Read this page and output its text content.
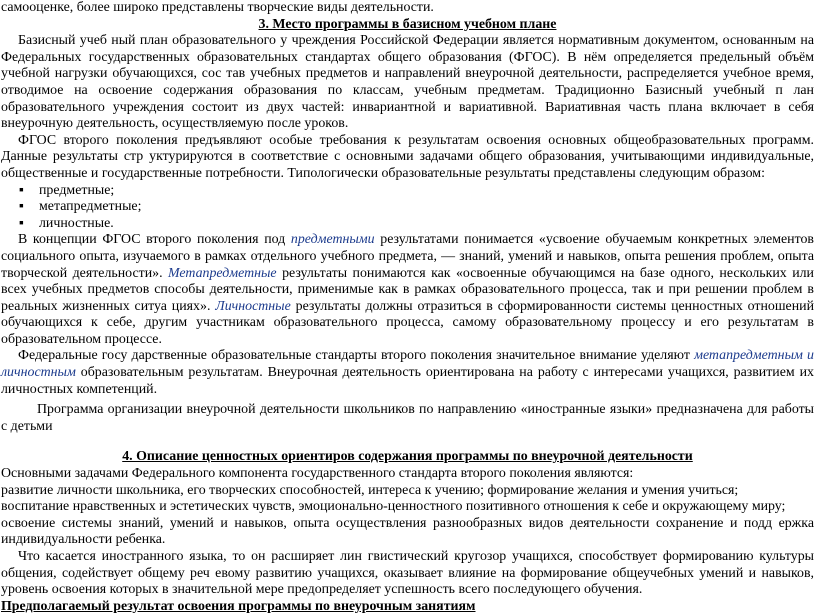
самооценке, более широко представлены творческие виды деятельности.

3. Место программы в базисном учебном плане

Базисный учеб ный план образовательного у чреждения Российской Федерации является нормативным документом, основанным на Федеральных государственных образовательных стандартах общего образования (ФГОС). В нём определяется предельный объём учебной нагрузки обучающихся, сос тав учебных предметов и направлений внеурочной деятельности, распределяется учебное время, отводимое на освоение содержания образования по классам, учебным предметам. Традиционно Базисный учебный п лан образовательного учреждения состоит из двух частей: инвариантной и вариативной. Вариативная часть плана включает в себя внеурочную деятельность, осуществляемую после уроков.

ФГОС второго поколения предъявляют особые требования к результатам освоения основных общеобразовательных программ. Данные результаты стр уктурируются в соответствие с основными задачами общего образования, учитывающими индивидуальные, общественные и государственные потребности. Типологически образовательные результаты представлены следующим образом:

▪ предметные;
▪ метапредметные;
▪ личностные.

В концепции ФГОС второго поколения под предметными результатами понимается «усвоение обучаемым конкретных элементов социального опыта, изучаемого в рамках отдельного учебного предмета, — знаний, умений и навыков, опыта решения проблем, опыта творческой деятельности». Метапредметные результаты понимаются как «освоенные обучающимся на базе одного, нескольких или всех учебных предметов способы деятельности, применимые как в рамках образовательного процесса, так и при решении проблем в реальных жизненных ситуа циях». Личностные результаты должны отразиться в сформированности системы ценностных отношений обучающихся к себе, другим участникам образовательного процесса, самому образовательному процессу и его результатам в образовательном процессе.

Федеральные госу дарственные образовательные стандарты второго поколения значительное внимание уделяют метапредметным и личностным образовательным результатам. Внеурочная деятельность ориентирована на работу с интересами учащихся, развитием их личностных компетенций.

Программа организации внеурочной деятельности школьников по направлению «иностранные языки» предназначена для работы с детьми

4. Описание ценностных ориентиров содержания программы по внеурочной деятельности

Основными задачами Федерального компонента государственного стандарта второго поколения являются:

развитие личности школьника, его творческих способностей, интереса к учению; формирование желания и умения учиться;

воспитание нравственных и эстетических чувств, эмоционально-ценностного позитивного отношения к себе и окружающему миру;

освоение системы знаний, умений и навыков, опыта осуществления разнообразных видов деятельности сохранение и подд ержка индивидуальности ребенка.

Что касается иностранного языка, то он расширяет лин гвистический кругозор учащихся, способствует формированию культуры общения, содействует общему реч евому развитию учащихся, оказывает влияние на формирование общеучебных умений и навыков, уровень освоения которых в значительной мере предопределяет успешность всего последующего обучения.

Предполагаемый результат освоения программы по внеурочным занятиям
